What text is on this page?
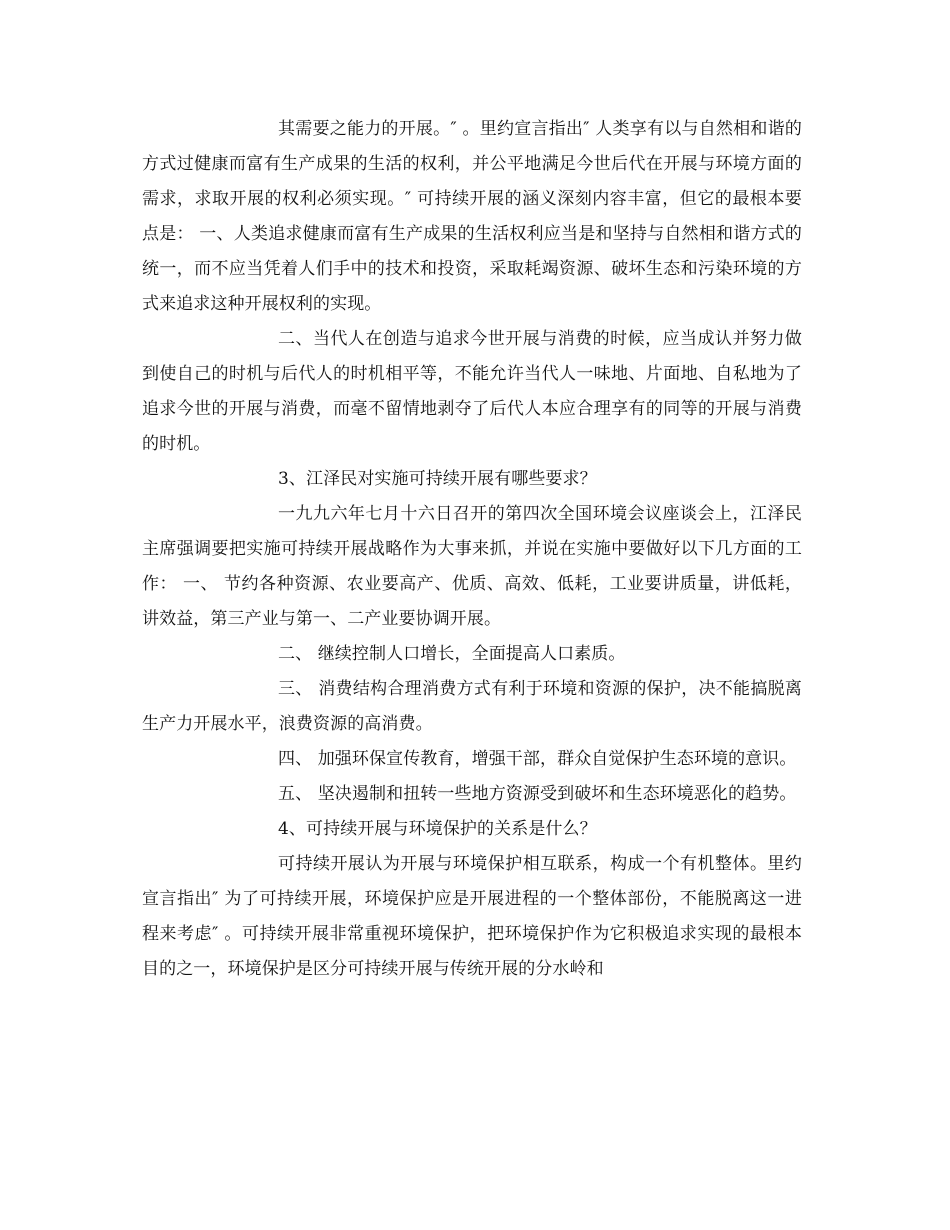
其需要之能力的开展。″ 。里约宣言指出″ 人类享有以与自然相和谐的方式过健康而富有生产成果的生活的权利，并公平地满足今世后代在开展与环境方面的需求，求取开展的权利必须实现。″ 可持续开展的涵义深刻内容丰富，但它的最根本要点是： 一、人类追求健康而富有生产成果的生活权利应当是和坚持与自然相和谐方式的统一，而不应当凭着人们手中的技术和投资，采取耗竭资源、破坏生态和污染环境的方式来追求这种开展权利的实现。

二、当代人在创造与追求今世开展与消费的时候，应当成认并努力做到使自己的时机与后代人的时机相平等，不能允许当代人一味地、片面地、自私地为了追求今世的开展与消费，而毫不留情地剥夺了后代人本应合理享有的同等的开展与消费的时机。

3、江泽民对实施可持续开展有哪些要求？

一九九六年七月十六日召开的第四次全国环境会议座谈会上，江泽民主席强调要把实施可持续开展战略作为大事来抓，并说在实施中要做好以下几方面的工作： 一、 节约各种资源、农业要高产、优质、高效、低耗，工业要讲质量，讲低耗，讲效益，第三产业与第一、二产业要协调开展。

二、 继续控制人口增长，全面提高人口素质。

三、 消费结构合理消费方式有利于环境和资源的保护，决不能搞脱离生产力开展水平，浪费资源的高消费。

四、 加强环保宣传教育，增强干部，群众自觉保护生态环境的意识。

五、 坚决遏制和扭转一些地方资源受到破坏和生态环境恶化的趋势。

4、可持续开展与环境保护的关系是什么？

可持续开展认为开展与环境保护相互联系，构成一个有机整体。里约宣言指出″ 为了可持续开展，环境保护应是开展进程的一个整体部份，不能脱离这一进程来考虑″ 。可持续开展非常重视环境保护，把环境保护作为它积极追求实现的最根本目的之一，环境保护是区分可持续开展与传统开展的分水岭和
